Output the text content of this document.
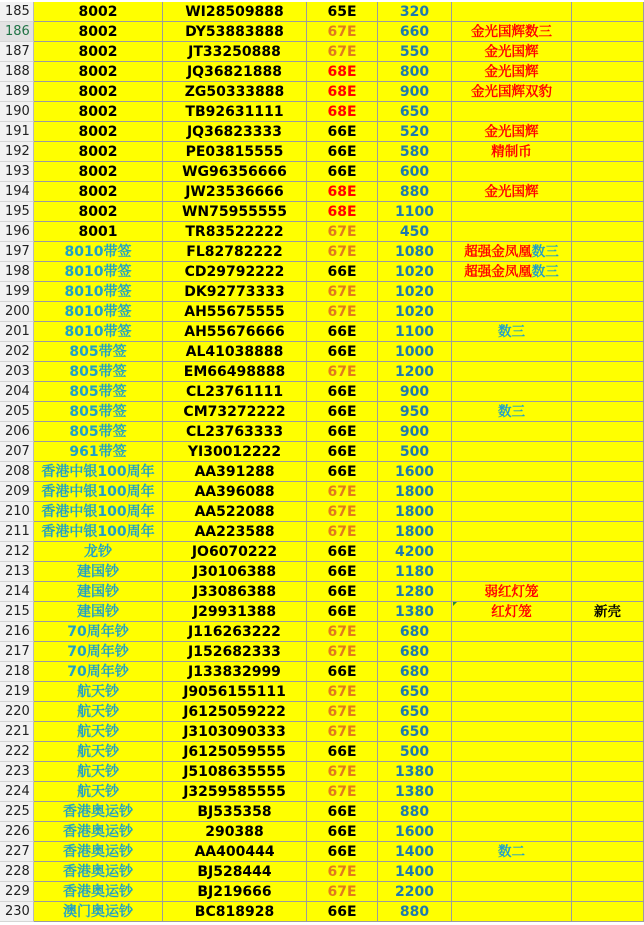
185	8002	WI28509888	65E	320
186	8002	DY53883888	67E	660	金光国辉数三
187	8002	JT33250888	67E	550	金光国辉
188	8002	JQ36821888	68E	800	金光国辉
189	8002	ZG50333888	68E	900	金光国辉双豹
190	8002	TB92631111	68E	650
191	8002	JQ36823333	66E	520	金光国辉
192	8002	PE03815555	66E	580	精制币
193	8002	WG96356666	66E	600
194	8002	JW23536666	68E	880	金光国辉
195	8002	WN75955555	68E	1100
196	8001	TR83522222	67E	450
197	8010带签	FL82782222	67E	1080	超强金凤凰数三
198	8010带签	CD29792222	66E	1020	超强金凤凰数三
199	8010带签	DK92773333	67E	1020
200	8010带签	AH55675555	67E	1020
201	8010带签	AH55676666	66E	1100	数三
202	805带签	AL41038888	66E	1000
203	805带签	EM66498888	67E	1200
204	805带签	CL23761111	66E	900
205	805带签	CM73272222	66E	950	数三
206	805带签	CL23763333	66E	900
207	961带签	YI30012222	66E	500
208 香港中银100周年	AA391288	66E	1600
209 香港中银100周年	AA396088	67E	1800
210 香港中银100周年	AA522088	67E	1800
211 香港中银100周年	AA223588	67E	1800
212	龙钞	JO6070222	66E	4200
213	建国钞	J30106388	66E	1180
214	建国钞	J33086388	66E	1280	弱红灯笼
215	建国钞	J29931388	66E	1380	红灯笼	新壳
216	70周年钞	J116263222	67E	680
217	70周年钞	J152682333	67E	680
218	70周年钞	J133832999	66E	680
219	航天钞	J9056155111	67E	650
220	航天钞	J6125059222	67E	650
221	航天钞	J3103090333	67E	650
222	航天钞	J6125059555	66E	500
223	航天钞	J5108635555	67E	1380
224	航天钞	J3259585555	67E	1380
225	香港奥运钞	BJ535358	66E	880
226	香港奥运钞	290388	66E	1600
227	香港奥运钞	AA400444	66E	1400	数二
228	香港奥运钞	BJ528444	67E	1400
229	香港奥运钞	BJ219666	67E	2200
230	澳门奥运钞	BC818928	66E	880
